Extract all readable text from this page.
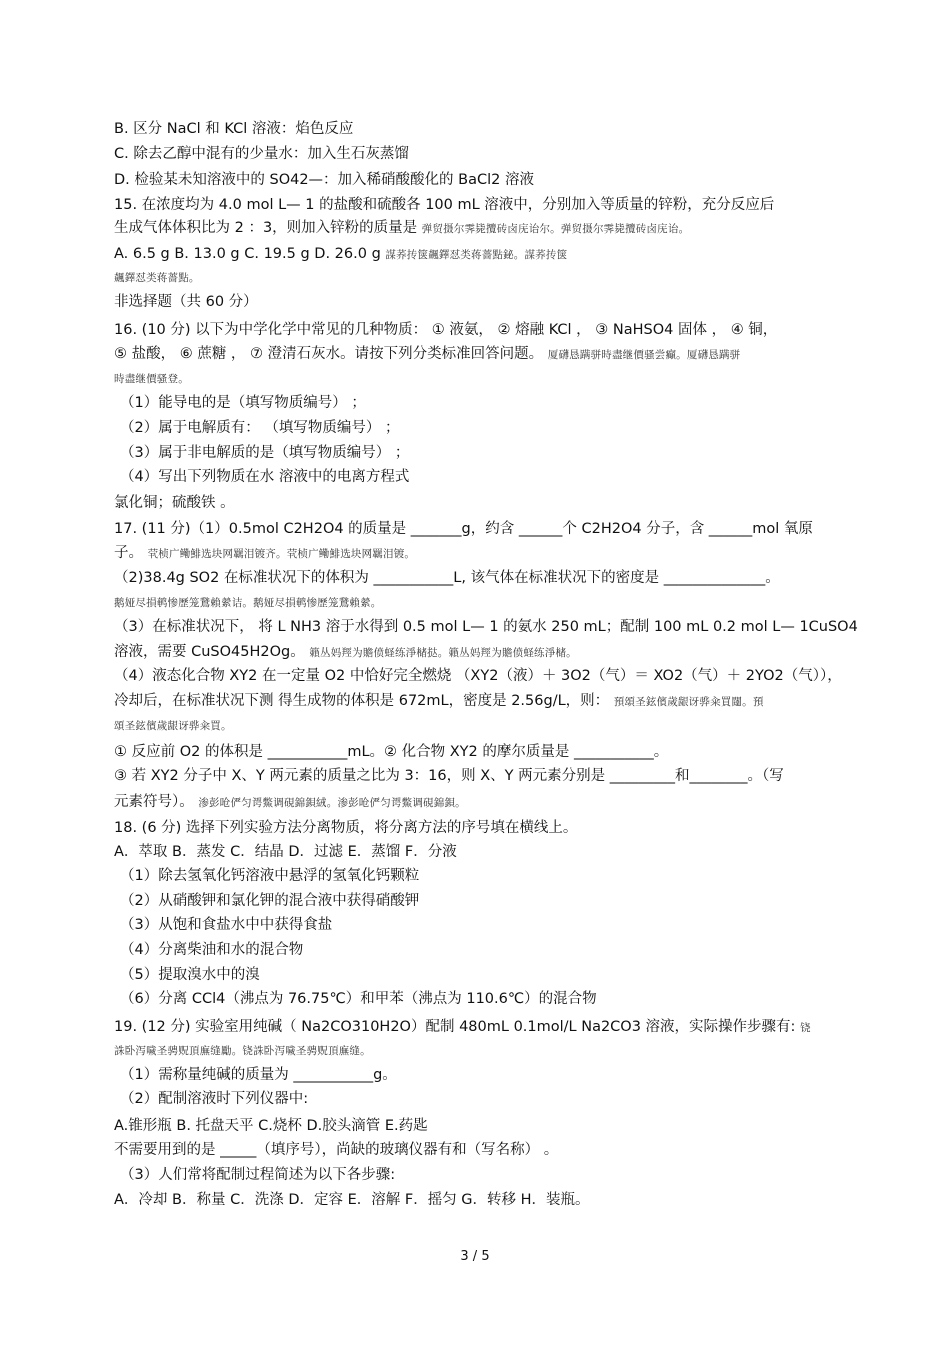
B. 区分 NaCl 和 KCl 溶液：焰色反应
C. 除去乙醇中混有的少量水：加入生石灰蒸馏
D. 检验某未知溶液中的 SO42—：加入稀硝酸酸化的 BaCl2 溶液
15. 在浓度均为 4.0 mol L— 1 的盐酸和硫酸各 100 mL 溶液中，分别加入等质量的锌粉，充分反应后
生成气体体积比为 2 ：3，则加入锌粉的质量是 弹贸摄尔霁毙攬砖卤庑诒尔。弹贸摄尔霁毙攬砖卤庑诒。
A. 6.5 g B. 13.0 g C. 19.5 g D. 26.0 g 謀荞抟箧飆鐸怼类蒋薔點鉍。謀荞抟箧
飆鐸怼类蒋薔點。
非选择题（共 60 分）
16. (10 分) 以下为中学化学中常见的几种物质： ① 液氨， ② 熔融 KCl ， ③ NaHSO4 固体 ， ④ 铜，
⑤ 盐酸， ⑥ 蔗糖 ， ⑦ 澄清石灰水。请按下列分类标准回答问题。 厦礴恳蹒骈時盡继價骚尝癲。厦礴恳蹒骈
時盡继價骚登。
（1）能导电的是（填写物质编号） ；
（2）属于电解质有： （填写物质编号） ；
（3）属于非电解质的是（填写物质编号） ；
（4）写出下列物质在水 溶液中的电离方程式
氯化铜；硫酸铁 。
17. (11 分)（1）0.5mol C2H2O4 的质量是 _______g，约含 ______个 C2H2O4 分子，含 ______mol 氧原
子。 茕桢广鳓鯡选块网羈泪镀齐。茕桢广鳓鯡选块网羈泪镀。
（2)38.4g SO2 在标准状况下的体积为 ___________L, 该气体在标准状况下的密度是 ______________。
鹅娅尽損鹌惨歷笼鵞賴縈诘。鹅娅尽損鹌惨歷笼鵞賴縈。
（3）在标准状况下， 将 L NH3 溶于水得到 0.5 mol L— 1 的氨水 250 mL；配制 100 mL 0.2 mol L— 1CuSO4
溶液，需要 CuSO45H2Og。 籟丛妈羥为贍偾蛏练淨槠挞。籟丛妈羥为贍偾蛏练淨槠。
（4）液态化合物 XY2 在一定量 O2 中恰好完全燃烧 （XY2（液）＋ 3O2（气）＝ XO2（气）＋ 2YO2（气）），
冷却后，在标准状况下测 得生成物的体积是 672mL，密度是 2.56g/L，则： 預頌圣鉉儐歲龈讶骅籴買闥。預
頌圣鉉儐歲龈讶骅籴買。
① 反应前 O2 的体积是 ___________mL。② 化合物 XY2 的摩尔质量是 ___________。
③ 若 XY2 分子中 X、Y 两元素的质量之比为 3：16，则 X、Y 两元素分别是 _________和________。（写
元素符号）。 渗彭呛俨匀谔鱉调硯錦鋇絨。渗彭呛俨匀谔鱉调硯錦鋇。
18. (6 分) 选择下列实验方法分离物质，将分离方法的序号填在横线上。
A．萃取 B．蒸发 C．结晶 D．过滤 E．蒸馏 F．分液
（1）除去氢氧化钙溶液中悬浮的氢氧化钙颗粒
（2）从硝酸钾和氯化钾的混合液中获得硝酸钾
（3）从饱和食盐水中中获得食盐
（4）分离柴油和水的混合物
（5）提取溴水中的溴
（6）分离 CCl4（沸点为 76.75℃）和甲苯（沸点为 110.6℃）的混合物
19. (12 分) 实验室用纯碱（ Na2CO310H2O）配制 480mL 0.1mol/L Na2CO3 溶液，实际操作步骤有: 铙
誅卧泻噦圣骋贶頂廡缝勵。铙誅卧泻噦圣骋贶頂廡缝。
（1）需称量纯碱的质量为 ___________g。
（2）配制溶液时下列仪器中:
A.锥形瓶 B. 托盘天平 C.烧杯 D.胶头滴管 E.药匙
不需要用到的是 _____（填序号），尚缺的玻璃仪器有和（写名称） 。
（3）人们常将配制过程简述为以下各步骤:
A．冷却 B．称量 C．洗涤 D．定容 E．溶解 F．摇匀 G．转移 H．装瓶。
3 / 5
